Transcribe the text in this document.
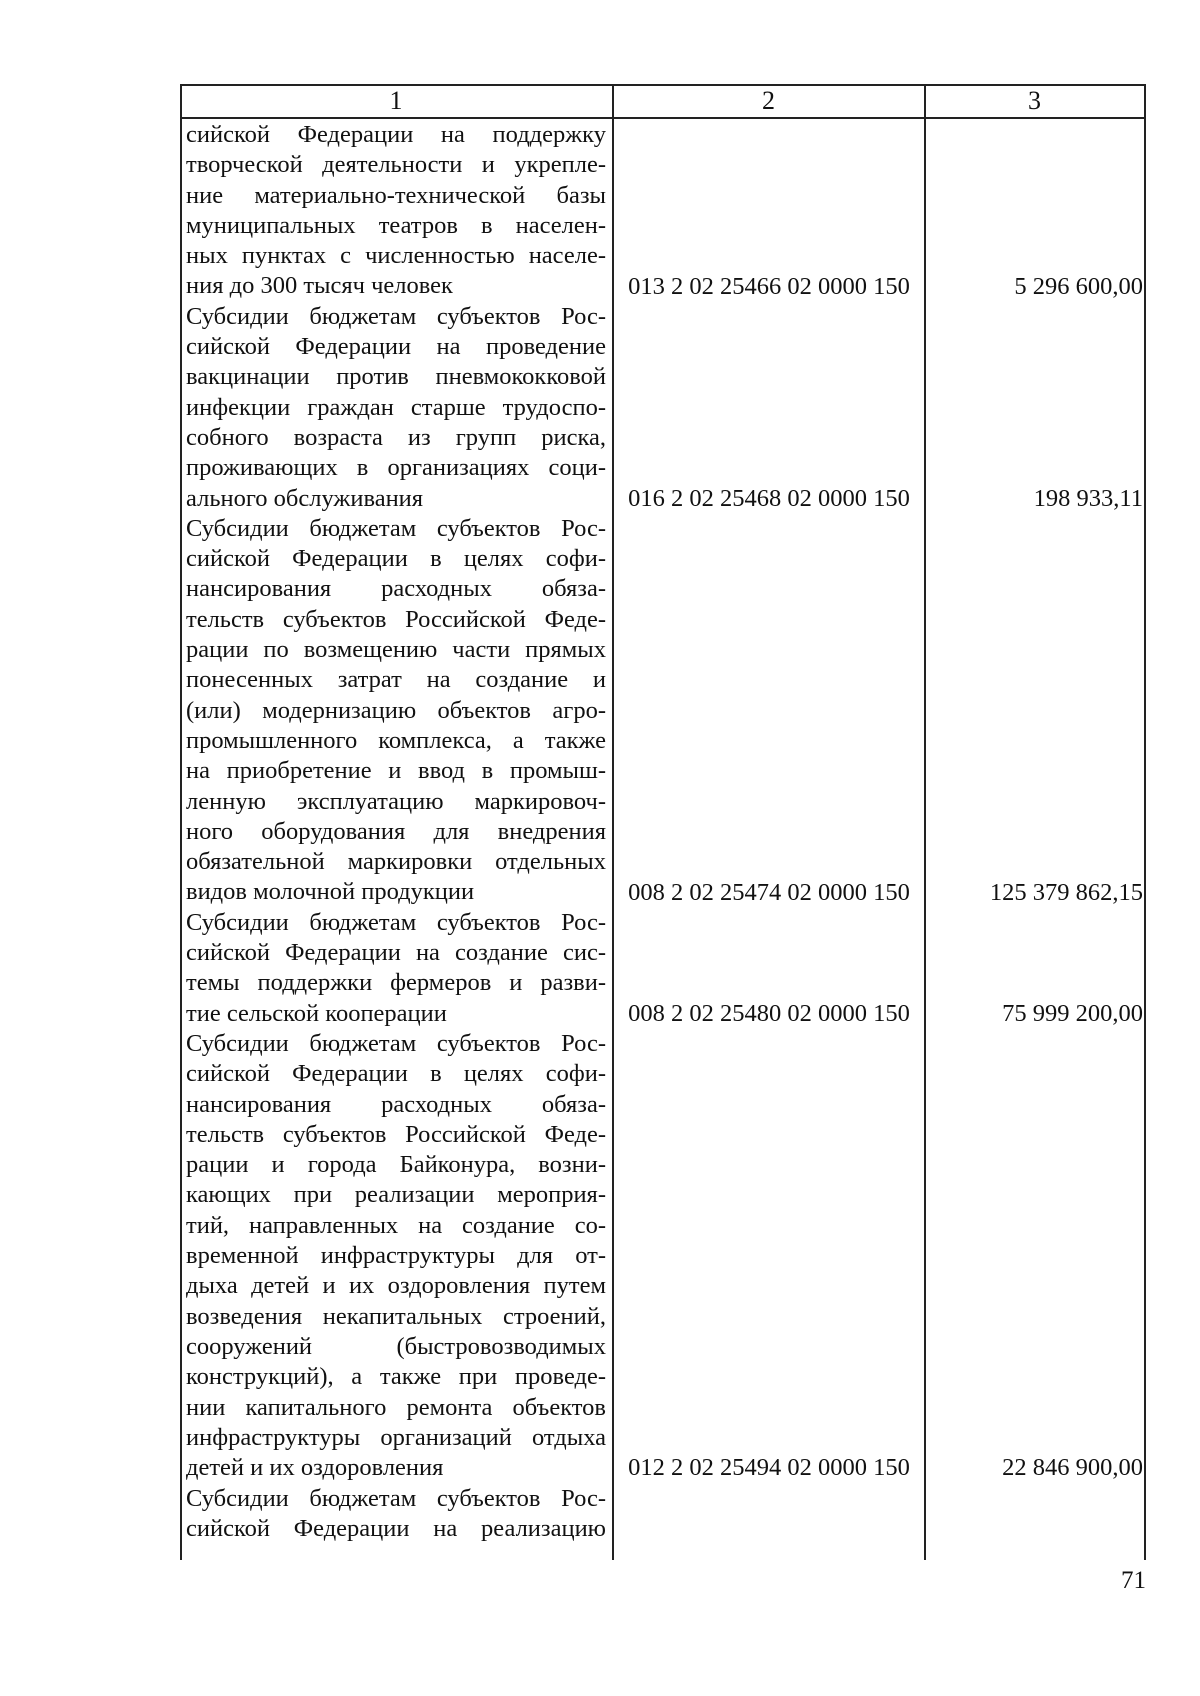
1	2	3
сийской Федерации на поддержку
творческой деятельности и укрепле-
ние материально-технической базы
муниципальных театров в населен-
ных пунктах с численностью населе-
ния до 300 тысяч человек	013 2 02 25466 02 0000 150	5 296 600,00
Субсидии бюджетам субъектов Рос-
сийской Федерации на проведение
вакцинации против пневмококковой
инфекции граждан старше трудоспо-
собного возраста из групп риска,
проживающих в организациях соци-
ального обслуживания	016 2 02 25468 02 0000 150	198 933,11
Субсидии бюджетам субъектов Рос-
сийской Федерации в целях софи-
нансирования расходных обяза-
тельств субъектов Российской Феде-
рации по возмещению части прямых
понесенных затрат на создание и
(или) модернизацию объектов агро-
промышленного комплекса, а также
на приобретение и ввод в промыш-
ленную эксплуатацию маркировоч-
ного оборудования для внедрения
обязательной маркировки отдельных
видов молочной продукции	008 2 02 25474 02 0000 150	125 379 862,15
Субсидии бюджетам субъектов Рос-
сийской Федерации на создание сис-
темы поддержки фермеров и разви-
тие сельской кооперации	008 2 02 25480 02 0000 150	75 999 200,00
Субсидии бюджетам субъектов Рос-
сийской Федерации в целях софи-
нансирования расходных обяза-
тельств субъектов Российской Феде-
рации и города Байконура, возни-
кающих при реализации мероприя-
тий, направленных на создание со-
временной инфраструктуры для от-
дыха детей и их оздоровления путем
возведения некапитальных строений,
сооружений (быстровозводимых
конструкций), а также при проведе-
нии капитального ремонта объектов
инфраструктуры организаций отдыха
детей и их оздоровления	012 2 02 25494 02 0000 150	22 846 900,00
Субсидии бюджетам субъектов Рос-
сийской Федерации на реализацию
71
